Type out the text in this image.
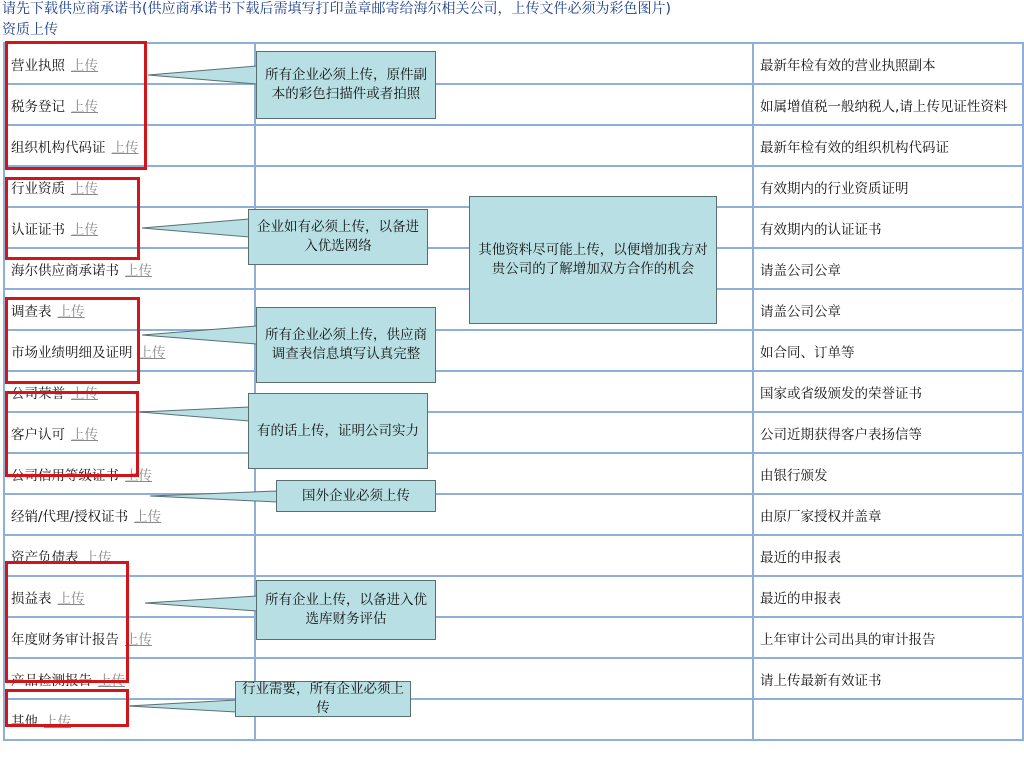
请先下载供应商承诺书(供应商承诺书下载后需填写打印盖章邮寄给海尔相关公司，上传文件必须为彩色图片)
资质上传
营业执照 上传		最新年检有效的营业执照副本
税务登记 上传		如属增值税一般纳税人,请上传见证性资料
组织机构代码证 上传		最新年检有效的组织机构代码证
行业资质 上传		有效期内的行业资质证明
认证证书 上传		有效期内的认证证书
海尔供应商承诺书 上传		请盖公司公章
调查表 上传		请盖公司公章
市场业绩明细及证明 上传		如合同、订单等
公司荣誉 上传		国家或省级颁发的荣誉证书
客户认可 上传		公司近期获得客户表扬信等
公司信用等级证书 上传		由银行颁发
经销/代理/授权证书 上传		由原厂家授权并盖章
资产负债表 上传		最近的申报表
损益表 上传		最近的申报表
年度财务审计报告 上传		上年审计公司出具的审计报告
产品检测报告 上传		请上传最新有效证书
其他 上传		
所有企业必须上传，原件副本的彩色扫描件或者拍照
企业如有必须上传，以备进入优选网络	其他资料尽可能上传，以便增加我方对贵公司的了解增加双方合作的机会
所有企业必须上传，供应商调查表信息填写认真完整
有的话上传，证明公司实力
国外企业必须上传
所有企业上传，以备进入优选库财务评估
行业需要，所有企业必须上传
